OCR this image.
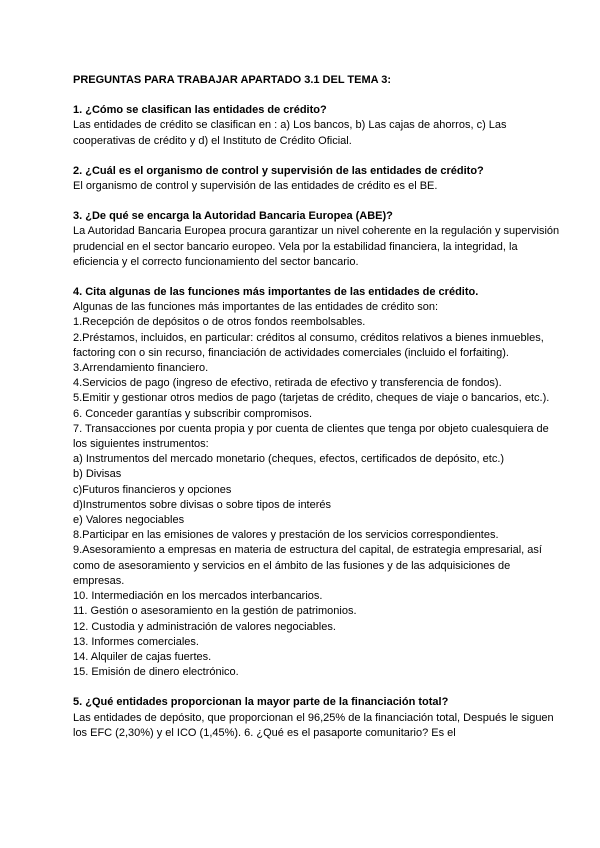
PREGUNTAS PARA TRABAJAR APARTADO 3.1 DEL TEMA 3:
1. ¿Cómo se clasifican las entidades de crédito?
Las entidades de crédito se clasifican en : a) Los bancos, b) Las cajas de ahorros, c) Las cooperativas de crédito y d) el Instituto de Crédito Oficial.
2. ¿Cuál es el organismo de control y supervisión de las entidades de crédito?
El organismo de control y supervisión de las entidades de crédito es el BE.
3. ¿De qué se encarga la Autoridad Bancaria Europea (ABE)?
La Autoridad Bancaria Europea procura garantizar un nivel coherente en la regulación y supervisión prudencial en el sector bancario europeo. Vela por la estabilidad financiera, la integridad, la eficiencia y el correcto funcionamiento del sector bancario.
4. Cita algunas de las funciones más importantes de las entidades de crédito.
Algunas de las funciones más importantes de las entidades de crédito son:
1.Recepción de depósitos o de otros fondos reembolsables.
2.Préstamos, incluidos, en particular: créditos al consumo, créditos relativos a bienes inmuebles, factoring con o sin recurso, financiación de actividades comerciales (incluido el forfaiting).
3.Arrendamiento financiero.
4.Servicios de pago (ingreso de efectivo, retirada de efectivo y transferencia de fondos).
5.Emitir y gestionar otros medios de pago (tarjetas de crédito, cheques de viaje o bancarios, etc.).
6. Conceder garantías y subscribir compromisos.
7. Transacciones por cuenta propia y por cuenta de clientes que tenga por objeto cualesquiera de los siguientes instrumentos:
a) Instrumentos del mercado monetario (cheques, efectos, certificados de depósito, etc.)
b) Divisas
c)Futuros financieros y opciones
d)Instrumentos sobre divisas o sobre tipos de interés
e) Valores negociables
8.Participar en las emisiones de valores y prestación de los servicios correspondientes.
9.Asesoramiento a empresas en materia de estructura del capital, de estrategia empresarial, así como de asesoramiento y servicios en el ámbito de las fusiones y de las adquisiciones de empresas.
10. Intermediación en los mercados interbancarios.
11. Gestión o asesoramiento en la gestión de patrimonios.
12. Custodia y administración de valores negociables.
13. Informes comerciales.
14. Alquiler de cajas fuertes.
15. Emisión de dinero electrónico.
5. ¿Qué entidades proporcionan la mayor parte de la financiación total?
Las entidades de depósito, que proporcionan el 96,25% de la financiación total, Después le siguen los EFC (2,30%) y el ICO (1,45%). 6. ¿Qué es el pasaporte comunitario? Es el
